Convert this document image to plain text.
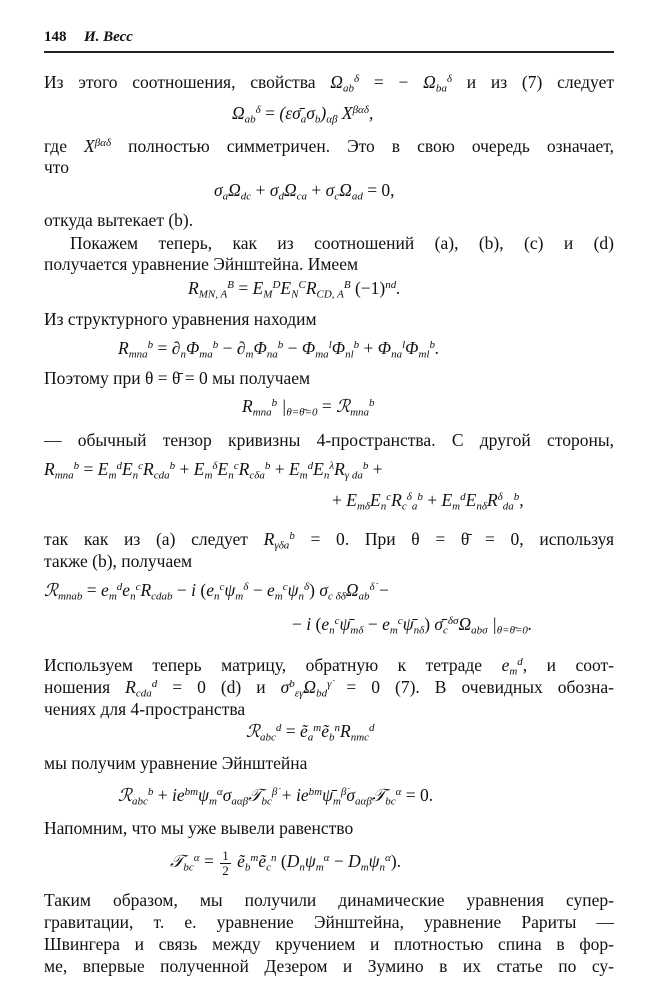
148 И. Весс
Из этого соотношения, свойства $\Omega_{ab}^\delta$ = − $\Omega_{ba}^\delta$ и из (7) следует
$\Omega_{ab}^\delta$ = $(\varepsilon\sigmā_a\sigma_b)_{\alphȧ\beta}$ $X^{\beta\alphȧ\delta}$,
где $X^{\beta\alphȧ\delta}$ полностью симметричен. Это в свою очередь означает,
что
$\sigma_a\Omega_{dc} + \sigma_d\Omega_{ca} + \sigma_c\Omega_{ad} = 0$,
откуда вытекает (b).
Покажем теперь, как из соотношений (a), (b), (c) и (d)
получается уравнение Эйнштейна. Имеем
$R_{MN, A}^B = E_M^DE_N^CR_{CD, A}^B$ $(-1)^{nd}$.
Из структурного уравнения находим
$R_{mna}^b = \partial_n\Phi_{ma}^b - \partial_m\Phi_{na}^b - \Phi_{ma}^l\Phi_{nl}^b + \Phi_{na}^l\Phi_{ml}^b$.
Поэтому при θ = θ̄ = 0 мы получаем
$R_{mna}^b$ $|_{\theta=\thetā=0}$ = ℛ$_{mna}^b$
— обычный тензор кривизны 4-пространства. С другой стороны,
$R_{mna}^b = E_m^dE_n^cR_{cda}^b + E_m^\delta E_n^cR_{c\delta a}^b + E_m^dE_n^\lambda R_{\gamma da}^b$ +
+ $E_{m\delta}E_n^cR_c^\delta_a^b + E_m^dE_{n\delta}R^\delta_{da}^b$,
так как из (a) следует $R_{\gamma\delta a}^b = 0$. При θ = θ̄ = 0, используя
также (b), получаем
ℛ$_{mnab}$ = $e_m^de_n^cR_{cdab} - i$ $(e_n^c\psi_m^\delta - e_m^c\psi_n^\delta) \sigma_{c \delta\deltȧ}\Omega_{ab}^{\deltȧ}$ −
− i ($e_n^c\psī_{m\delta}$ − $e_m^c\psī_{n\delta}$) $\sigmā_c^{\delta\sigma}\Omega_{ab\sigma}$ $|_{\theta=\thetā=0}$.
Используем теперь матрицу, обратную к тетраде $e_m^d$, и соот-
ношения $R_{cda}^d = 0$ (d) и $\sigma^b_{\varepsilon\gammȧ}\Omega_{bd}^{\gammȧ} = 0$ (7). В очевидных обозна-
чениях для 4-пространства
ℛ$_{abc}^d$ = $ẽ_a^mẽ_b^nR_{nmc}^d$
мы получим уравнение Эйнштейна
ℛ$_{abc}^b$ + $ie^{bm}\psi_m^\alpha\sigma_{a\alpha\betȧ}𝒯_{bc}^{\betȧ}$ + $ie^{bm}\psī_m^{\betȧ}\sigma_{a\alpha\betȧ}𝒯_{bc}^\alpha = 0$.
Напомним, что мы уже вывели равенство
𝒯$_{bc}^\alpha$ = $\frac{1}{2}$ ẽ$_b^m$ẽ$_c^n$ $(D_n\psi_m^\alpha - D_m\psi_n^\alpha)$.
Таким образом, мы получили динамические уравнения супер-
гравитации, т. е. уравнение Эйнштейна, уравнение Рариты —
Швингера и связь между кручением и плотностью спина в фор-
ме, впервые полученной Дезером и Зумино в их статье по су-
